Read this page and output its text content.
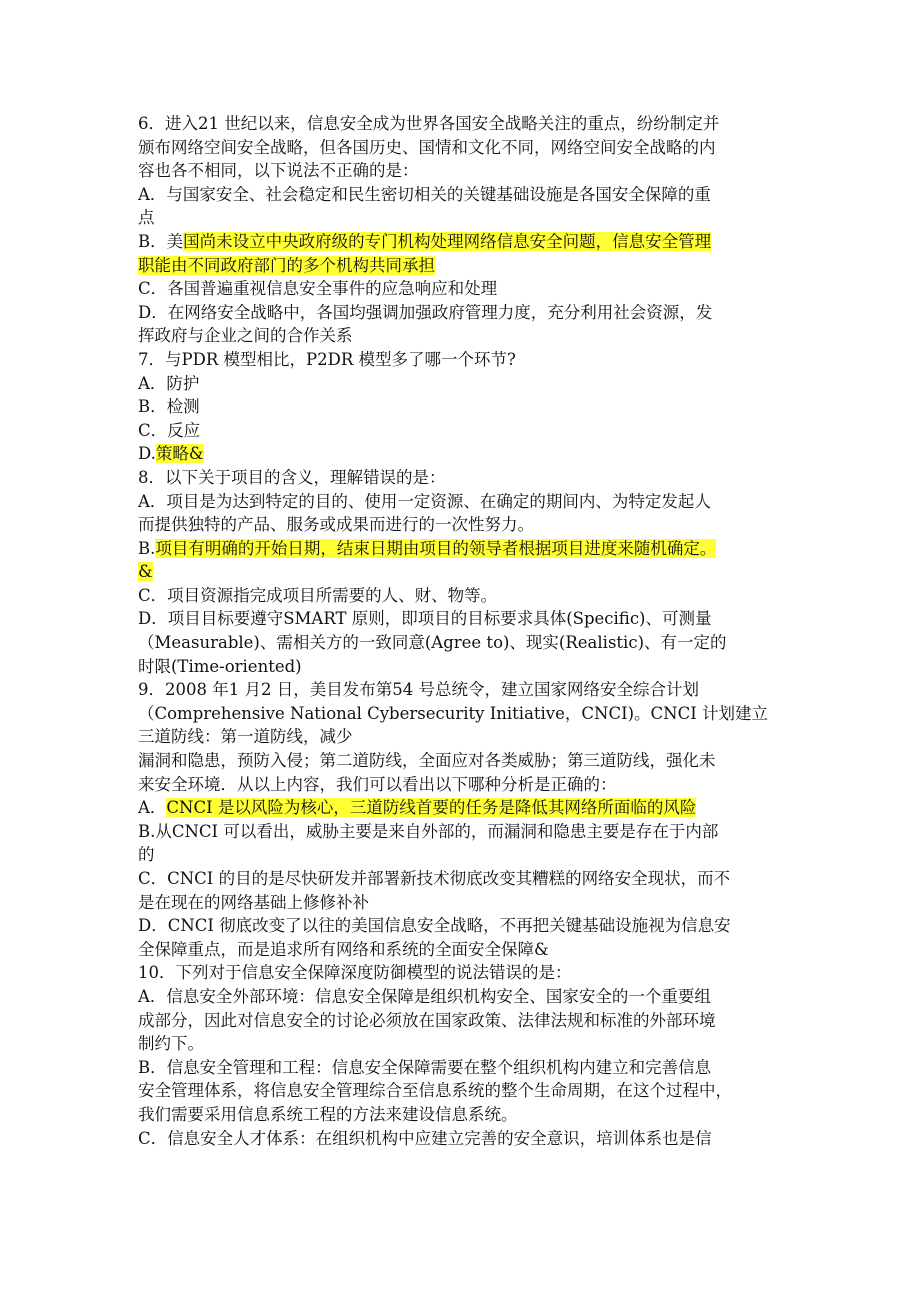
6．进入21 世纪以来，信息安全成为世界各国安全战略关注的重点，纷纷制定并
颁布网络空间安全战略，但各国历史、国情和文化不同，网络空间安全战略的内
容也各不相同，以下说法不正确的是：
A．与国家安全、社会稳定和民生密切相关的关键基础设施是各国安全保障的重
点
B．美国尚未设立中央政府级的专门机构处理网络信息安全问题，信息安全管理
职能由不同政府部门的多个机构共同承担
C．各国普遍重视信息安全事件的应急响应和处理
D．在网络安全战略中，各国均强调加强政府管理力度，充分利用社会资源，发
挥政府与企业之间的合作关系
7．与PDR 模型相比，P2DR 模型多了哪一个环节?
A．防护
B．检测
C．反应
D.策略&
8．以下关于项目的含义，理解错误的是：
A．项目是为达到特定的目的、使用一定资源、在确定的期间内、为特定发起人
而提供独特的产品、服务或成果而进行的一次性努力。
B.项目有明确的开始日期，结束日期由项目的领导者根据项目进度来随机确定。
&
C．项目资源指完成项目所需要的人、财、物等。
D．项目目标要遵守SMART 原则，即项目的目标要求具体(Specific)、可测量
（Measurable)、需相关方的一致同意(Agree to)、现实(Realistic)、有一定的
时限(Time-oriented)
9．2008 年1 月2 日，美目发布第54 号总统令，建立国家网络安全综合计划
（Comprehensive National Cybersecurity Initiative，CNCI)。CNCI 计划建立
三道防线：第一道防线，减少
漏洞和隐患，预防入侵；第二道防线，全面应对各类威胁；第三道防线，强化未
来安全环境．从以上内容，我们可以看出以下哪种分析是正确的：
A．CNCI 是以风险为核心，三道防线首要的任务是降低其网络所面临的风险
B.从CNCI 可以看出，威胁主要是来自外部的，而漏洞和隐患主要是存在于内部
的
C．CNCI 的目的是尽快研发并部署新技术彻底改变其糟糕的网络安全现状，而不
是在现在的网络基础上修修补补
D．CNCI 彻底改变了以往的美国信息安全战略，不再把关键基础设施视为信息安
全保障重点，而是追求所有网络和系统的全面安全保障&
10．下列对于信息安全保障深度防御模型的说法错误的是：
A．信息安全外部环境：信息安全保障是组织机构安全、国家安全的一个重要组
成部分，因此对信息安全的讨论必须放在国家政策、法律法规和标准的外部环境
制约下。
B．信息安全管理和工程：信息安全保障需要在整个组织机构内建立和完善信息
安全管理体系，将信息安全管理综合至信息系统的整个生命周期，在这个过程中，
我们需要采用信息系统工程的方法来建设信息系统。
C．信息安全人才体系：在组织机构中应建立完善的安全意识，培训体系也是信
